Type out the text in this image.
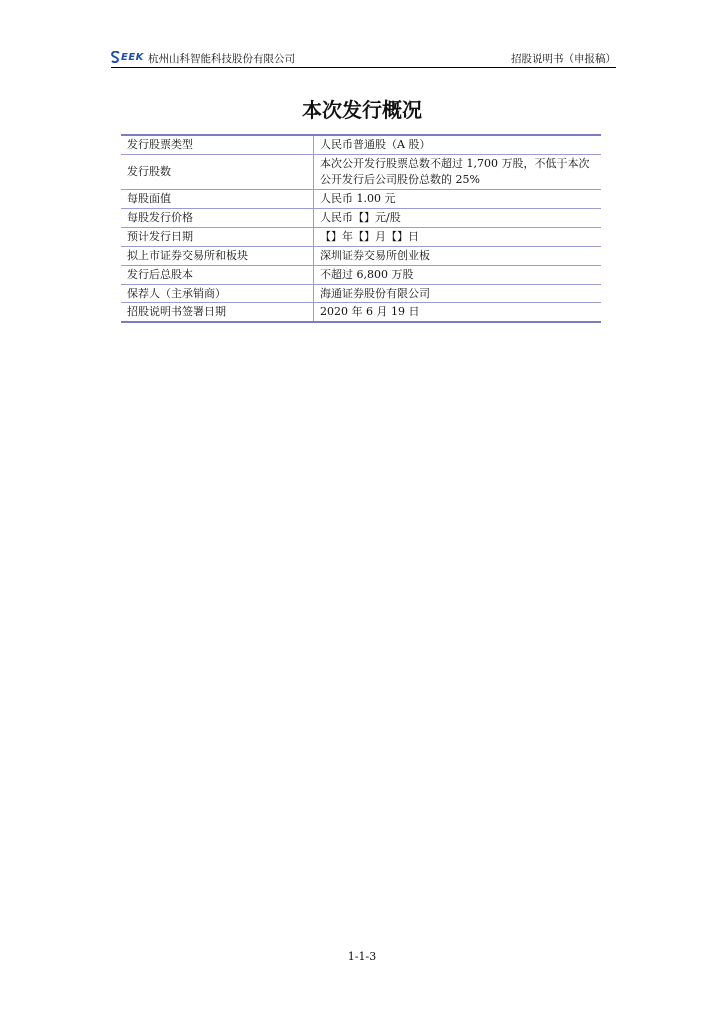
EEK 杭州山科智能科技股份有限公司	招股说明书（申报稿）
本次发行概况
发行股票类型	人民币普通股（A 股）
发行股数	本次公开发行股票总数不超过 1,700 万股，不低于本次公开发行后公司股份总数的 25%
每股面值	人民币 1.00 元
每股发行价格	人民币【】元/股
预计发行日期	【】年【】月【】日
拟上市证券交易所和板块	深圳证券交易所创业板
发行后总股本	不超过 6,800 万股
保荐人（主承销商）	海通证券股份有限公司
招股说明书签署日期	2020 年 6 月 19 日
1-1-3
